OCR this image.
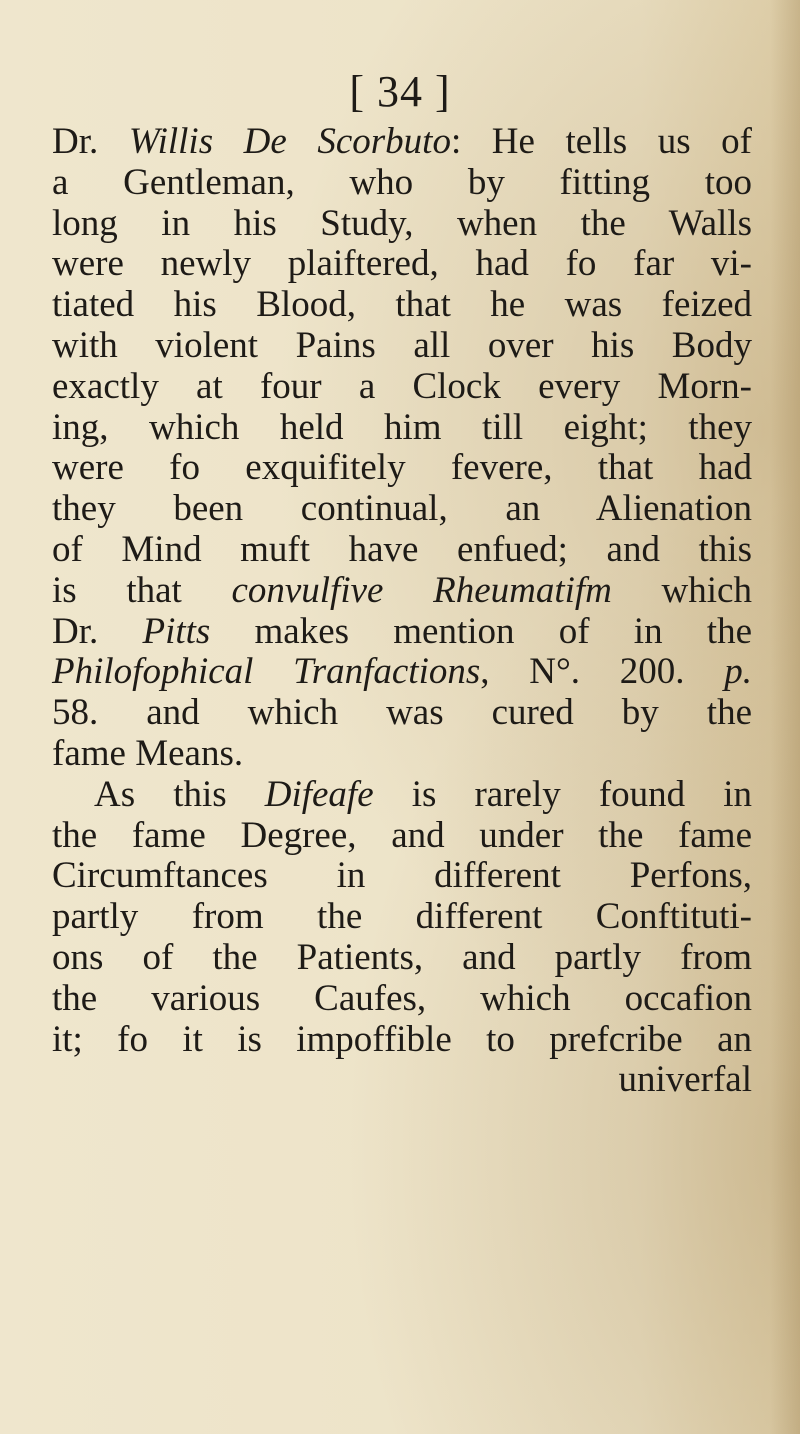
[ 34 ]
Dr. Willis De Scorbuto: He tells us of
a Gentleman, who by fitting too
long in his Study, when the Walls
were newly plaiftered, had fo far vi-
tiated his Blood, that he was feized
with violent Pains all over his Body
exactly at four a Clock every Morn-
ing, which held him till eight; they
were fo exquifitely fevere, that had
they been continual, an Alienation
of Mind muft have enfued; and this
is that convulfive Rheumatifm which
Dr. Pitts makes mention of in the
Philofophical Tranfactions, N°. 200. p.
58. and which was cured by the
fame Means.
As this Difeafe is rarely found in
the fame Degree, and under the fame
Circumftances in different Perfons,
partly from the different Conftituti-
ons of the Patients, and partly from
the various Caufes, which occafion
it; fo it is impoffible to prefcribe an
univerfal
